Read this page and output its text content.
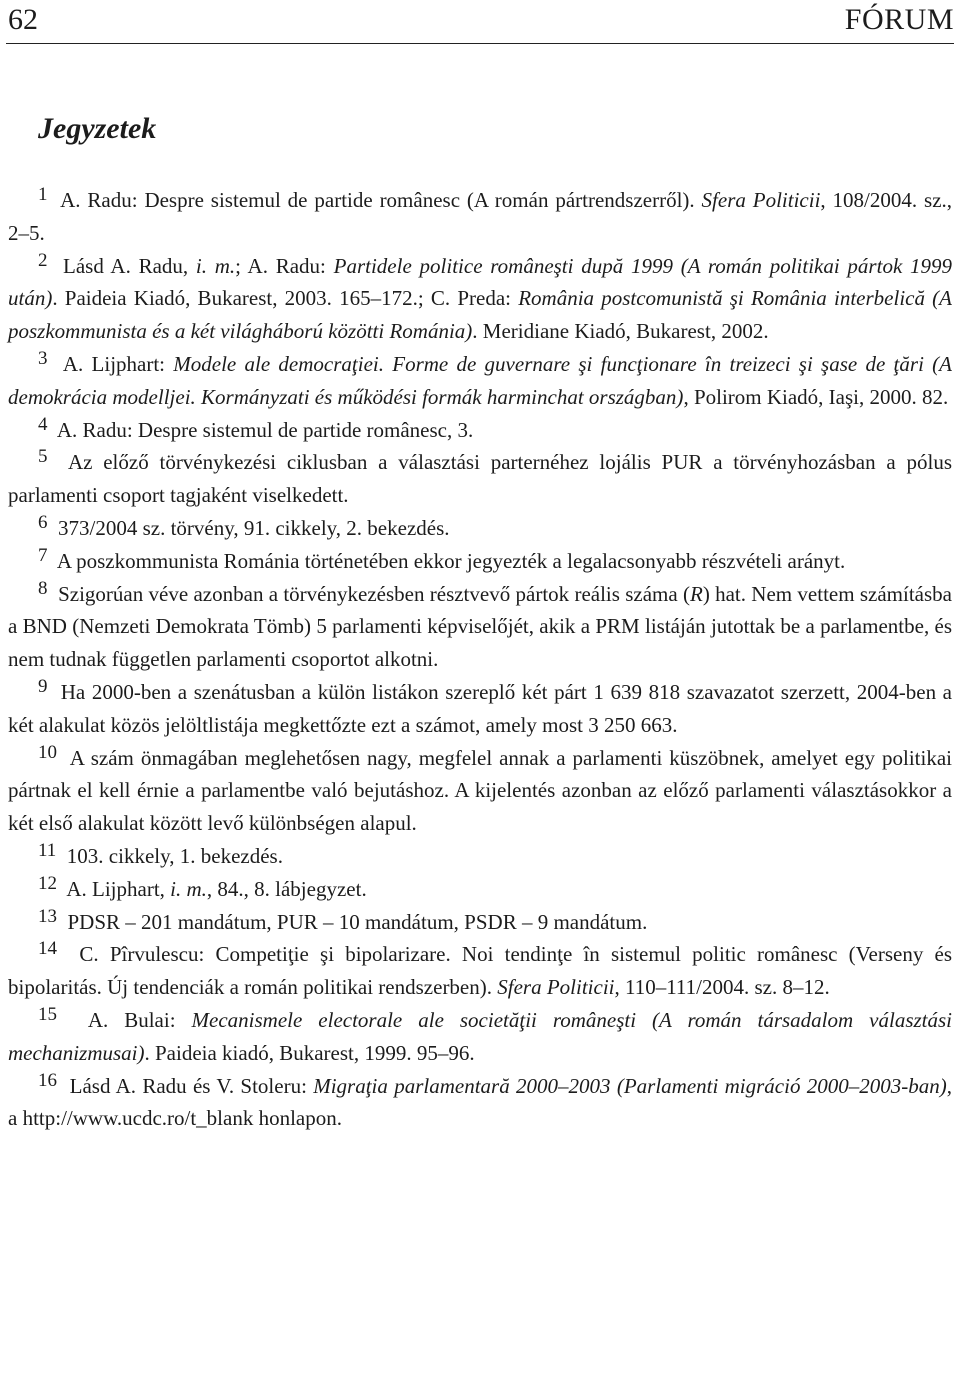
62	FÓRUM
Jegyzetek

1 A. Radu: Despre sistemul de partide românesc (A román pártrendszerről). Sfera Politicii, 108/2004. sz., 2–5.

2 Lásd A. Radu, i. m.; A. Radu: Partidele politice româneşti după 1999 (A román politikai pártok 1999 után). Paideia Kiadó, Bukarest, 2003. 165–172.; C. Preda: România postcomunistă şi România interbelică (A poszkommunista és a két világháború közötti Románia). Meridiane Kiadó, Bukarest, 2002.

3 A. Lijphart: Modele ale democraţiei. Forme de guvernare şi funcţionare în treizeci şi şase de ţări (A demokrácia modelljei. Kormányzati és működési formák harminchat országban), Polirom Kiadó, Iaşi, 2000. 82.

4 A. Radu: Despre sistemul de partide românesc, 3.

5 Az előző törvénykezési ciklusban a választási parternéhez lojális PUR a törvényhozásban a pólus parlamenti csoport tagjaként viselkedett.

6 373/2004 sz. törvény, 91. cikkely, 2. bekezdés.

7 A poszkommunista Románia történetében ekkor jegyezték a legalacsonyabb részvételi arányt.

8 Szigorúan véve azonban a törvénykezésben résztvevő pártok reális száma (R) hat. Nem vettem számításba a BND (Nemzeti Demokrata Tömb) 5 parlamenti képviselőjét, akik a PRM listáján jutottak be a parlamentbe, és nem tudnak független parlamenti csoportot alkotni.

9 Ha 2000-ben a szenátusban a külön listákon szereplő két párt 1 639 818 szavazatot szerzett, 2004-ben a két alakulat közös jelöltlistája megkettőzte ezt a számot, amely most 3 250 663.

10 A szám önmagában meglehetősen nagy, megfelel annak a parlamenti küszöbnek, amelyet egy politikai pártnak el kell érnie a parlamentbe való bejutáshoz. A kijelentés azonban az előző parlamenti választásokkor a két első alakulat között levő különbségen alapul.

11 103. cikkely, 1. bekezdés.

12 A. Lijphart, i. m., 84., 8. lábjegyzet.

13 PDSR – 201 mandátum, PUR – 10 mandátum, PSDR – 9 mandátum.

14 C. Pîrvulescu: Competiţie şi bipolarizare. Noi tendinţe în sistemul politic românesc (Verseny és bipolaritás. Új tendenciák a román politikai rendszerben). Sfera Politicii, 110–111/2004. sz. 8–12.

15 A. Bulai: Mecanismele electorale ale societăţii româneşti (A román társadalom választási mechanizmusai). Paideia kiadó, Bukarest, 1999. 95–96.

16 Lásd A. Radu és V. Stoleru: Migraţia parlamentară 2000–2003 (Parlamenti migráció 2000–2003-ban), a http://www.ucdc.ro/t_blank honlapon.
